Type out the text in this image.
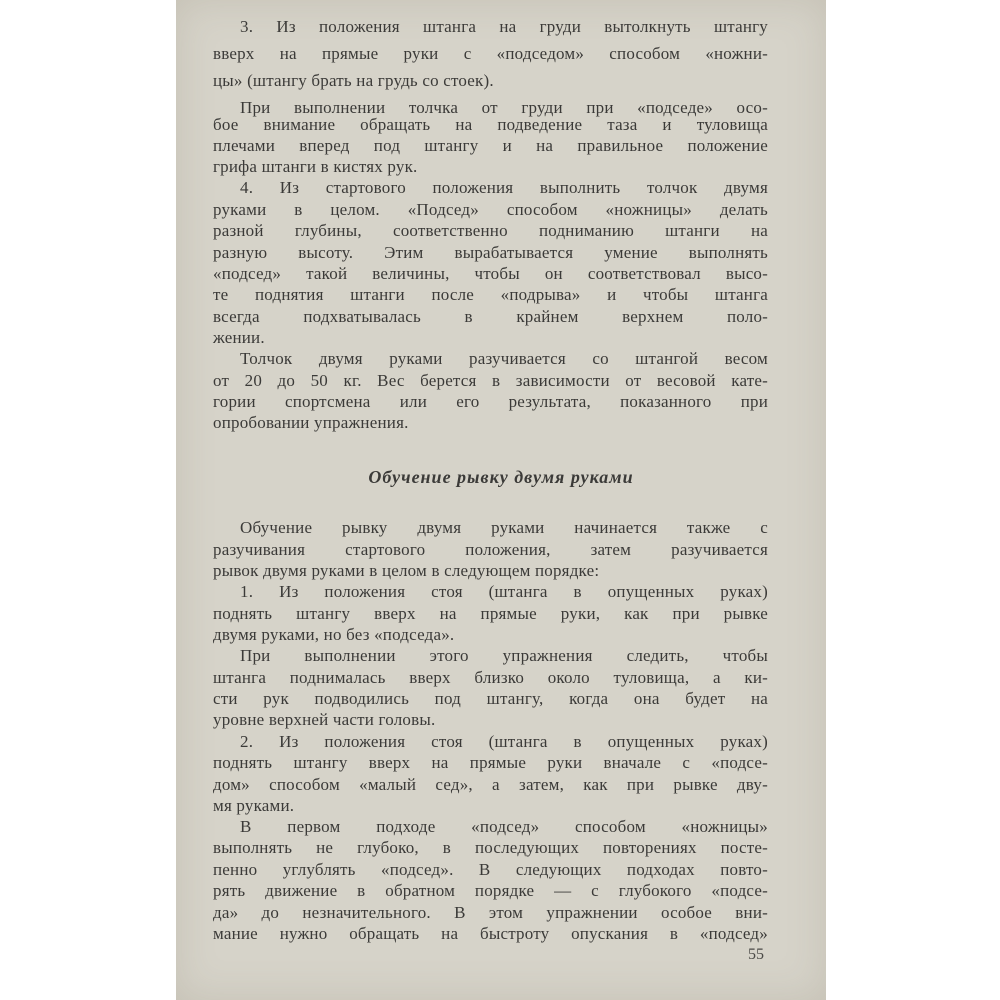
3. Из положения штанга на груди вытолкнуть штангу
вверх на прямые руки с «подседом» способом «ножни-
цы» (штангу брать на грудь со стоек).
При выполнении толчка от груди при «подседе» осо-
бое внимание обращать на подведение таза и туловища
плечами вперед под штангу и на правильное положение
грифа штанги в кистях рук.
4. Из стартового положения выполнить толчок двумя
руками в целом. «Подсед» способом «ножницы» делать
разной глубины, соответственно подниманию штанги на
разную высоту. Этим вырабатывается умение выполнять
«подсед» такой величины, чтобы он соответствовал высо-
те поднятия штанги после «подрыва» и чтобы штанга
всегда подхватывалась в крайнем верхнем поло-
жении.
Толчок двумя руками разучивается со штангой весом
от 20 до 50 кг. Вес берется в зависимости от весовой кате-
гории спортсмена или его результата, показанного при
опробовании упражнения.
Обучение рывку двумя руками
Обучение рывку двумя руками начинается также с
разучивания стартового положения, затем разучивается
рывок двумя руками в целом в следующем порядке:
1. Из положения стоя (штанга в опущенных руках)
поднять штангу вверх на прямые руки, как при рывке
двумя руками, но без «подседа».
При выполнении этого упражнения следить, чтобы
штанга поднималась вверх близко около туловища, а ки-
сти рук подводились под штангу, когда она будет на
уровне верхней части головы.
2. Из положения стоя (штанга в опущенных руках)
поднять штангу вверх на прямые руки вначале с «подсе-
дом» способом «малый сед», а затем, как при рывке дву-
мя руками.
В первом подходе «подсед» способом «ножницы»
выполнять не глубоко, в последующих повторениях посте-
пенно углублять «подсед». В следующих подходах повто-
рять движение в обратном порядке — с глубокого «подсе-
да» до незначительного. В этом упражнении особое вни-
мание нужно обращать на быстроту опускания в «подсед»
55
